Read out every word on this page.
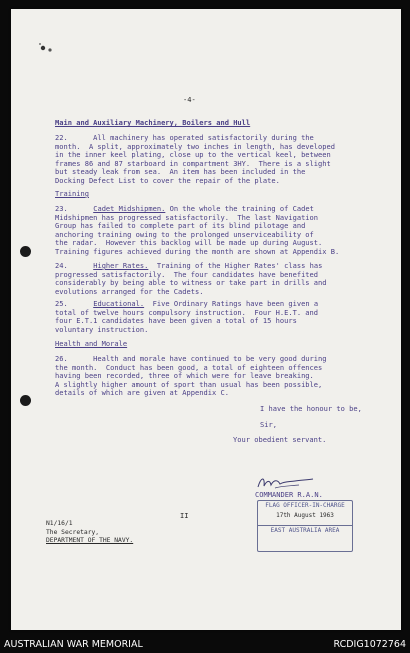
-4-
Main and Auxiliary Machinery, Boilers and Hull
22.      All machinery has operated satisfactorily during the
month.  A split, approximately two inches in length, has developed
in the inner keel plating, close up to the vertical keel, between
frames 86 and 87 starboard in compartment 3HY.  There is a slight
but steady leak from sea.  An item has been included in the
Docking Defect List to cover the repair of the plate.
Training
23.	Cadet Midshipmen. On the whole the training of Cadet
Midshipmen has progressed satisfactorily.  The last Navigation
Group has failed to complete part of its blind pilotage and
anchoring training owing to the prolonged unserviceability of
the radar.  However this backlog will be made up during August.
Training figures achieved during the month are shown at Appendix B.
24.	Higher Rates.  Training of the Higher Rates' class has
progressed satisfactorily.  The four candidates have benefited
considerably by being able to witness or take part in drills and
evolutions arranged for the Cadets.
25.	Educational.  Five Ordinary Ratings have been given a
total of twelve hours compulsory instruction.  Four H.E.T. and
four E.T.1 candidates have been given a total of 15 hours
voluntary instruction.
Health and Morale
26.      Health and morale have continued to be very good during
the month.  Conduct has been good, a total of eighteen offences
having been recorded, three of which were for leave breaking.
A slightly higher amount of sport than usual has been possible,
details of which are given at Appendix C.
I have the honour to be,
Sir,
Your obedient servant.
COMMANDER R.A.N.
FLAG OFFICER-IN-CHARGE
17th August 1963
EAST AUSTRALIA AREA
II
N1/16/1
The Secretary,
DEPARTMENT OF THE NAVY.
AUSTRALIAN WAR MEMORIAL	RCDIG1072764
